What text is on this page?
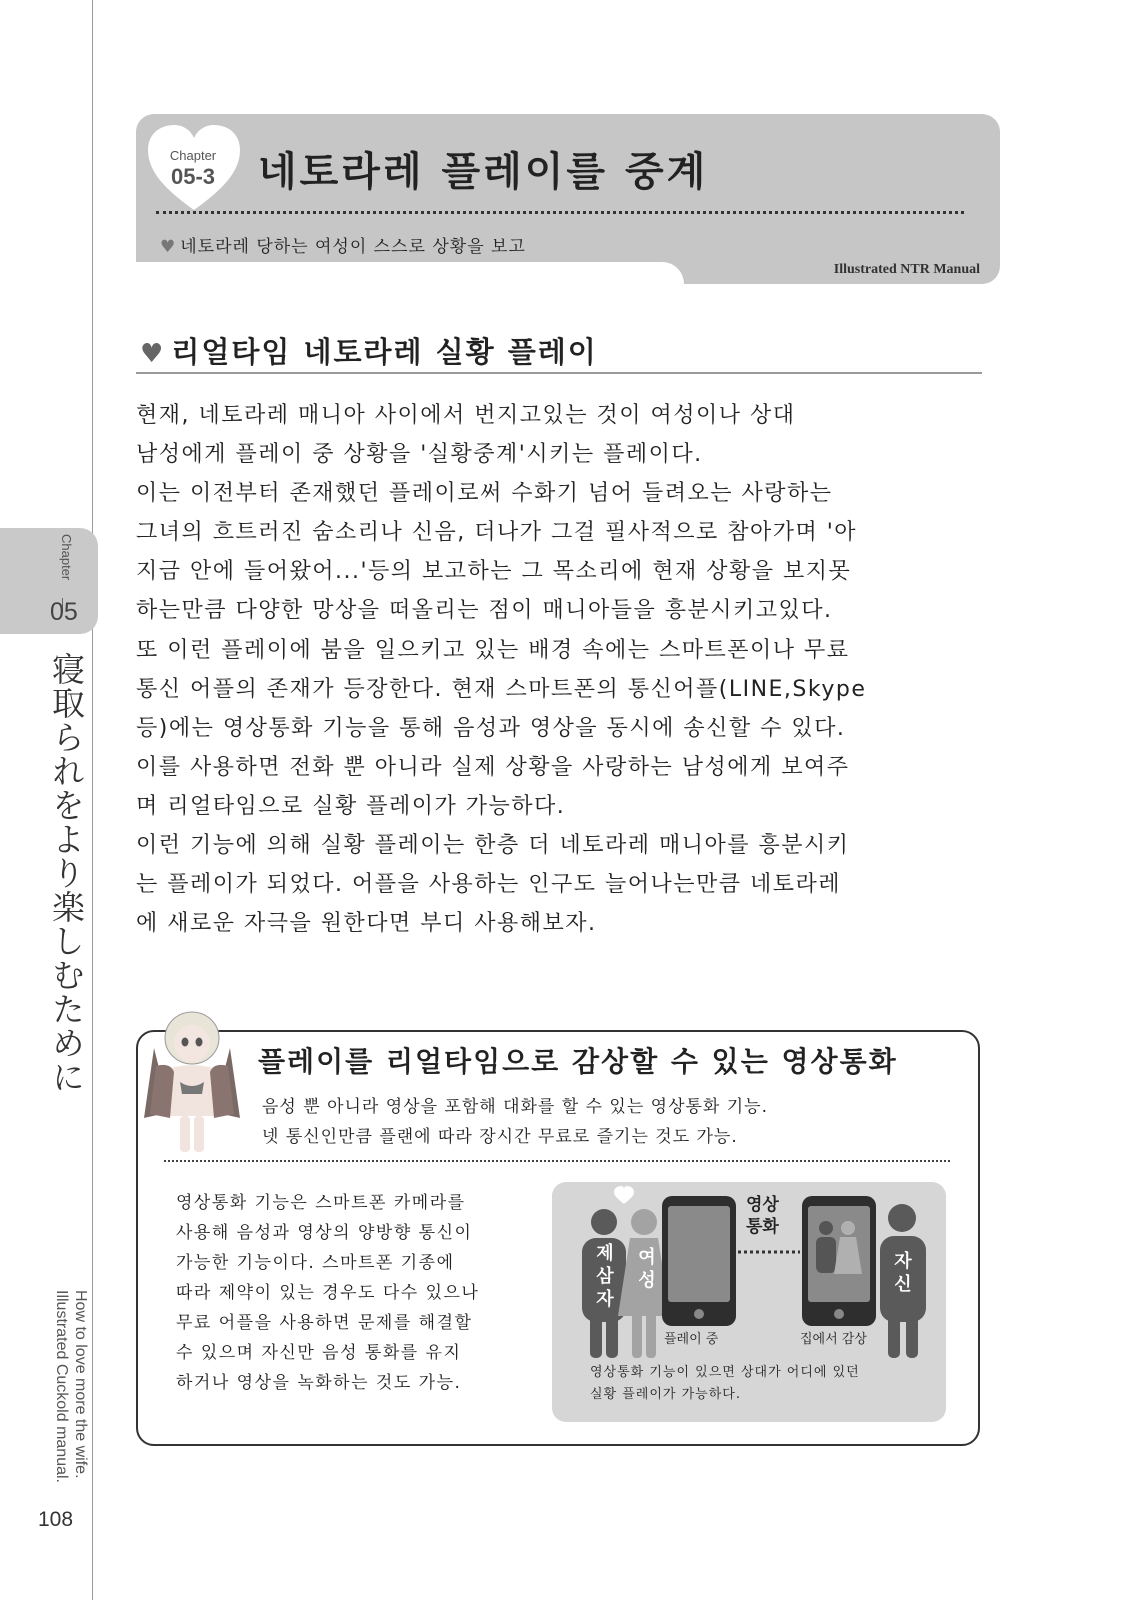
Chapter
05
寝取られをより楽しむために
How to love more the wife.
Illustrated Cuckold manual.
108
Chapter
05-3 네토라레 플레이를 중계
♥ 네토라레 당하는 여성이 스스로 상황을 보고
Illustrated NTR Manual
♥ 리얼타임 네토라레 실황 플레이
현재, 네토라레 매니아 사이에서 번지고있는 것이 여성이나 상대
남성에게 플레이 중 상황을 '실황중계'시키는 플레이다.
이는 이전부터 존재했던 플레이로써 수화기 넘어 들려오는 사랑하는
그녀의 흐트러진 숨소리나 신음, 더나가 그걸 필사적으로 참아가며 '아
지금 안에 들어왔어...'등의 보고하는 그 목소리에 현재 상황을 보지못
하는만큼 다양한 망상을 떠올리는 점이 매니아들을 흥분시키고있다.
또 이런 플레이에 붐을 일으키고 있는 배경 속에는 스마트폰이나 무료
통신 어플의 존재가 등장한다. 현재 스마트폰의 통신어플(LINE,Skype
등)에는 영상통화 기능을 통해 음성과 영상을 동시에 송신할 수 있다.
이를 사용하면 전화 뿐 아니라 실제 상황을 사랑하는 남성에게 보여주
며 리얼타임으로 실황 플레이가 가능하다.
이런 기능에 의해 실황 플레이는 한층 더 네토라레 매니아를 흥분시키
는 플레이가 되었다. 어플을 사용하는 인구도 늘어나는만큼 네토라레
에 새로운 자극을 원한다면 부디 사용해보자.
플레이를 리얼타임으로 감상할 수 있는 영상통화
음성 뿐 아니라 영상을 포함해 대화를 할 수 있는 영상통화 기능.
넷 통신인만큼 플랜에 따라 장시간 무료로 즐기는 것도 가능.
영상통화 기능은 스마트폰 카메라를
사용해 음성과 영상의 양방향 통신이
가능한 기능이다. 스마트폰 기종에
따라 제약이 있는 경우도 다수 있으나
무료 어플을 사용하면 문제를 해결할
수 있으며 자신만 음성 통화를 유지
하거나 영상을 녹화하는 것도 가능.
영상
통화
제
삼
자
여
성
자
신
플레이 중	집에서 감상
영상통화 기능이 있으면 상대가 어디에 있던
실황 플레이가 가능하다.
